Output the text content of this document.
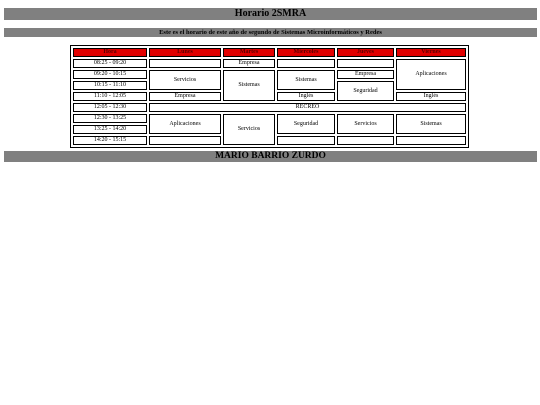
Horario 2SMRA
Este es el horario de este año de segundo de Sistemas Microinformáticos y Redes
Hora	Lunes	Martes	Miercoles	Jueves	Viernes
08:25 - 09:20		Empresa			Aplicaciones
09:20 - 10:15	Servicios	Sistemas	Sistemas	Empresa	
10:15 - 11:10				Seguridad	
11:10 - 12:05	Empresa		Inglés		Inglés
12:05 - 12:30	RECREO				
12:30 - 13:25	Aplicaciones	Servicios	Seguridad	Servicios	Sistemas
13:25 - 14:20					
14:20 - 15:15					
MARIO BARRIO ZURDO
